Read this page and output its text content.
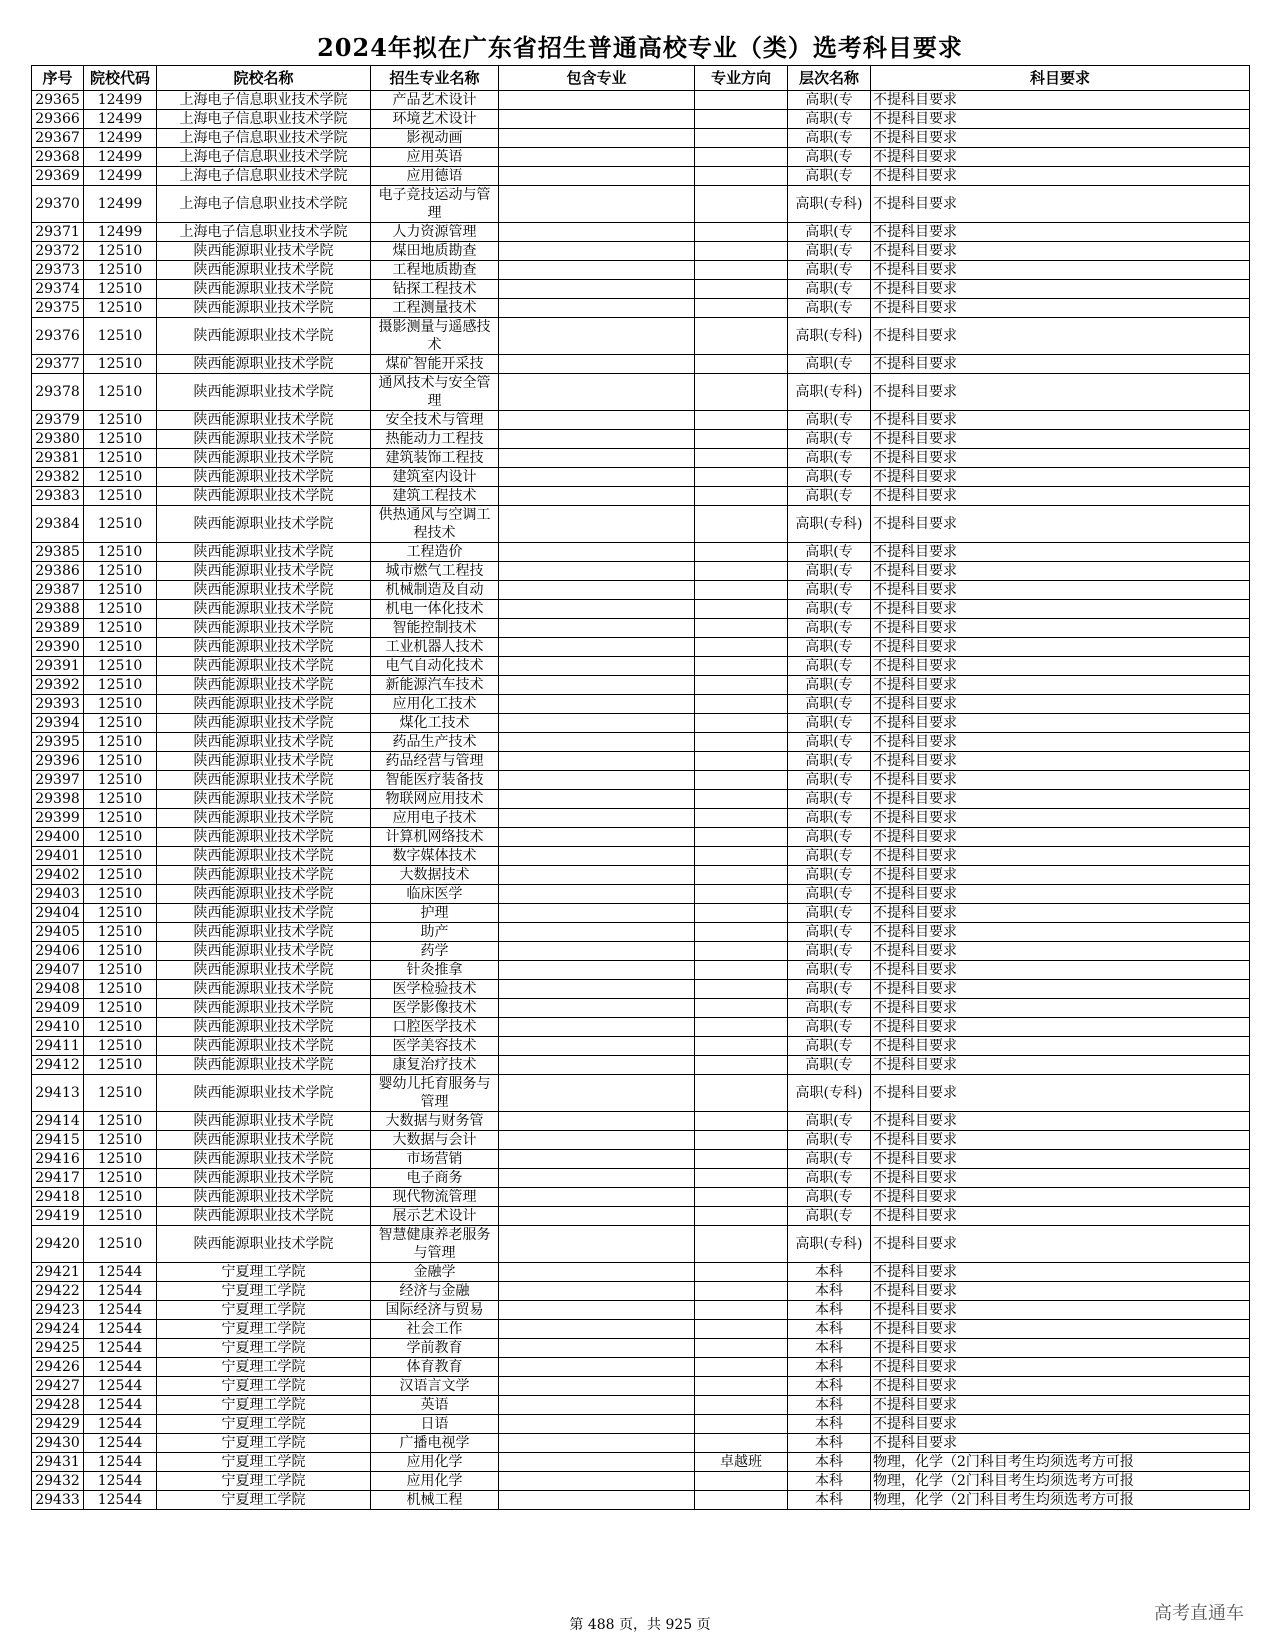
2024年拟在广东省招生普通高校专业（类）选考科目要求
序号	院校代码	院校名称	招生专业名称	包含专业	专业方向	层次名称	科目要求
29365	12499	上海电子信息职业技术学院	产品艺术设计			高职(专	不提科目要求
29366	12499	上海电子信息职业技术学院	环境艺术设计			高职(专	不提科目要求
29367	12499	上海电子信息职业技术学院	影视动画			高职(专	不提科目要求
29368	12499	上海电子信息职业技术学院	应用英语			高职(专	不提科目要求
29369	12499	上海电子信息职业技术学院	应用德语			高职(专	不提科目要求
29370	12499	上海电子信息职业技术学院	电子竞技运动与管理			高职(专科)	不提科目要求
29371	12499	上海电子信息职业技术学院	人力资源管理			高职(专	不提科目要求
29372	12510	陕西能源职业技术学院	煤田地质勘查			高职(专	不提科目要求
29373	12510	陕西能源职业技术学院	工程地质勘查			高职(专	不提科目要求
29374	12510	陕西能源职业技术学院	钻探工程技术			高职(专	不提科目要求
29375	12510	陕西能源职业技术学院	工程测量技术			高职(专	不提科目要求
29376	12510	陕西能源职业技术学院	摄影测量与遥感技术			高职(专科)	不提科目要求
29377	12510	陕西能源职业技术学院	煤矿智能开采技			高职(专	不提科目要求
29378	12510	陕西能源职业技术学院	通风技术与安全管理			高职(专科)	不提科目要求
29379	12510	陕西能源职业技术学院	安全技术与管理			高职(专	不提科目要求
29380	12510	陕西能源职业技术学院	热能动力工程技			高职(专	不提科目要求
29381	12510	陕西能源职业技术学院	建筑装饰工程技			高职(专	不提科目要求
29382	12510	陕西能源职业技术学院	建筑室内设计			高职(专	不提科目要求
29383	12510	陕西能源职业技术学院	建筑工程技术			高职(专	不提科目要求
29384	12510	陕西能源职业技术学院	供热通风与空调工程技术			高职(专科)	不提科目要求
29385	12510	陕西能源职业技术学院	工程造价			高职(专	不提科目要求
29386	12510	陕西能源职业技术学院	城市燃气工程技			高职(专	不提科目要求
29387	12510	陕西能源职业技术学院	机械制造及自动			高职(专	不提科目要求
29388	12510	陕西能源职业技术学院	机电一体化技术			高职(专	不提科目要求
29389	12510	陕西能源职业技术学院	智能控制技术			高职(专	不提科目要求
29390	12510	陕西能源职业技术学院	工业机器人技术			高职(专	不提科目要求
29391	12510	陕西能源职业技术学院	电气自动化技术			高职(专	不提科目要求
29392	12510	陕西能源职业技术学院	新能源汽车技术			高职(专	不提科目要求
29393	12510	陕西能源职业技术学院	应用化工技术			高职(专	不提科目要求
29394	12510	陕西能源职业技术学院	煤化工技术			高职(专	不提科目要求
29395	12510	陕西能源职业技术学院	药品生产技术			高职(专	不提科目要求
29396	12510	陕西能源职业技术学院	药品经营与管理			高职(专	不提科目要求
29397	12510	陕西能源职业技术学院	智能医疗装备技			高职(专	不提科目要求
29398	12510	陕西能源职业技术学院	物联网应用技术			高职(专	不提科目要求
29399	12510	陕西能源职业技术学院	应用电子技术			高职(专	不提科目要求
29400	12510	陕西能源职业技术学院	计算机网络技术			高职(专	不提科目要求
29401	12510	陕西能源职业技术学院	数字媒体技术			高职(专	不提科目要求
29402	12510	陕西能源职业技术学院	大数据技术			高职(专	不提科目要求
29403	12510	陕西能源职业技术学院	临床医学			高职(专	不提科目要求
29404	12510	陕西能源职业技术学院	护理			高职(专	不提科目要求
29405	12510	陕西能源职业技术学院	助产			高职(专	不提科目要求
29406	12510	陕西能源职业技术学院	药学			高职(专	不提科目要求
29407	12510	陕西能源职业技术学院	针灸推拿			高职(专	不提科目要求
29408	12510	陕西能源职业技术学院	医学检验技术			高职(专	不提科目要求
29409	12510	陕西能源职业技术学院	医学影像技术			高职(专	不提科目要求
29410	12510	陕西能源职业技术学院	口腔医学技术			高职(专	不提科目要求
29411	12510	陕西能源职业技术学院	医学美容技术			高职(专	不提科目要求
29412	12510	陕西能源职业技术学院	康复治疗技术			高职(专	不提科目要求
29413	12510	陕西能源职业技术学院	婴幼儿托育服务与管理			高职(专科)	不提科目要求
29414	12510	陕西能源职业技术学院	大数据与财务管			高职(专	不提科目要求
29415	12510	陕西能源职业技术学院	大数据与会计			高职(专	不提科目要求
29416	12510	陕西能源职业技术学院	市场营销			高职(专	不提科目要求
29417	12510	陕西能源职业技术学院	电子商务			高职(专	不提科目要求
29418	12510	陕西能源职业技术学院	现代物流管理			高职(专	不提科目要求
29419	12510	陕西能源职业技术学院	展示艺术设计			高职(专	不提科目要求
29420	12510	陕西能源职业技术学院	智慧健康养老服务与管理			高职(专科)	不提科目要求
29421	12544	宁夏理工学院	金融学			本科	不提科目要求
29422	12544	宁夏理工学院	经济与金融			本科	不提科目要求
29423	12544	宁夏理工学院	国际经济与贸易			本科	不提科目要求
29424	12544	宁夏理工学院	社会工作			本科	不提科目要求
29425	12544	宁夏理工学院	学前教育			本科	不提科目要求
29426	12544	宁夏理工学院	体育教育			本科	不提科目要求
29427	12544	宁夏理工学院	汉语言文学			本科	不提科目要求
29428	12544	宁夏理工学院	英语			本科	不提科目要求
29429	12544	宁夏理工学院	日语			本科	不提科目要求
29430	12544	宁夏理工学院	广播电视学			本科	不提科目要求
29431	12544	宁夏理工学院	应用化学		卓越班	本科	物理，化学（2门科目考生均须选考方可报
29432	12544	宁夏理工学院	应用化学			本科	物理，化学（2门科目考生均须选考方可报
29433	12544	宁夏理工学院	机械工程			本科	物理，化学（2门科目考生均须选考方可报
第 488 页，共 925 页
高考直通车
